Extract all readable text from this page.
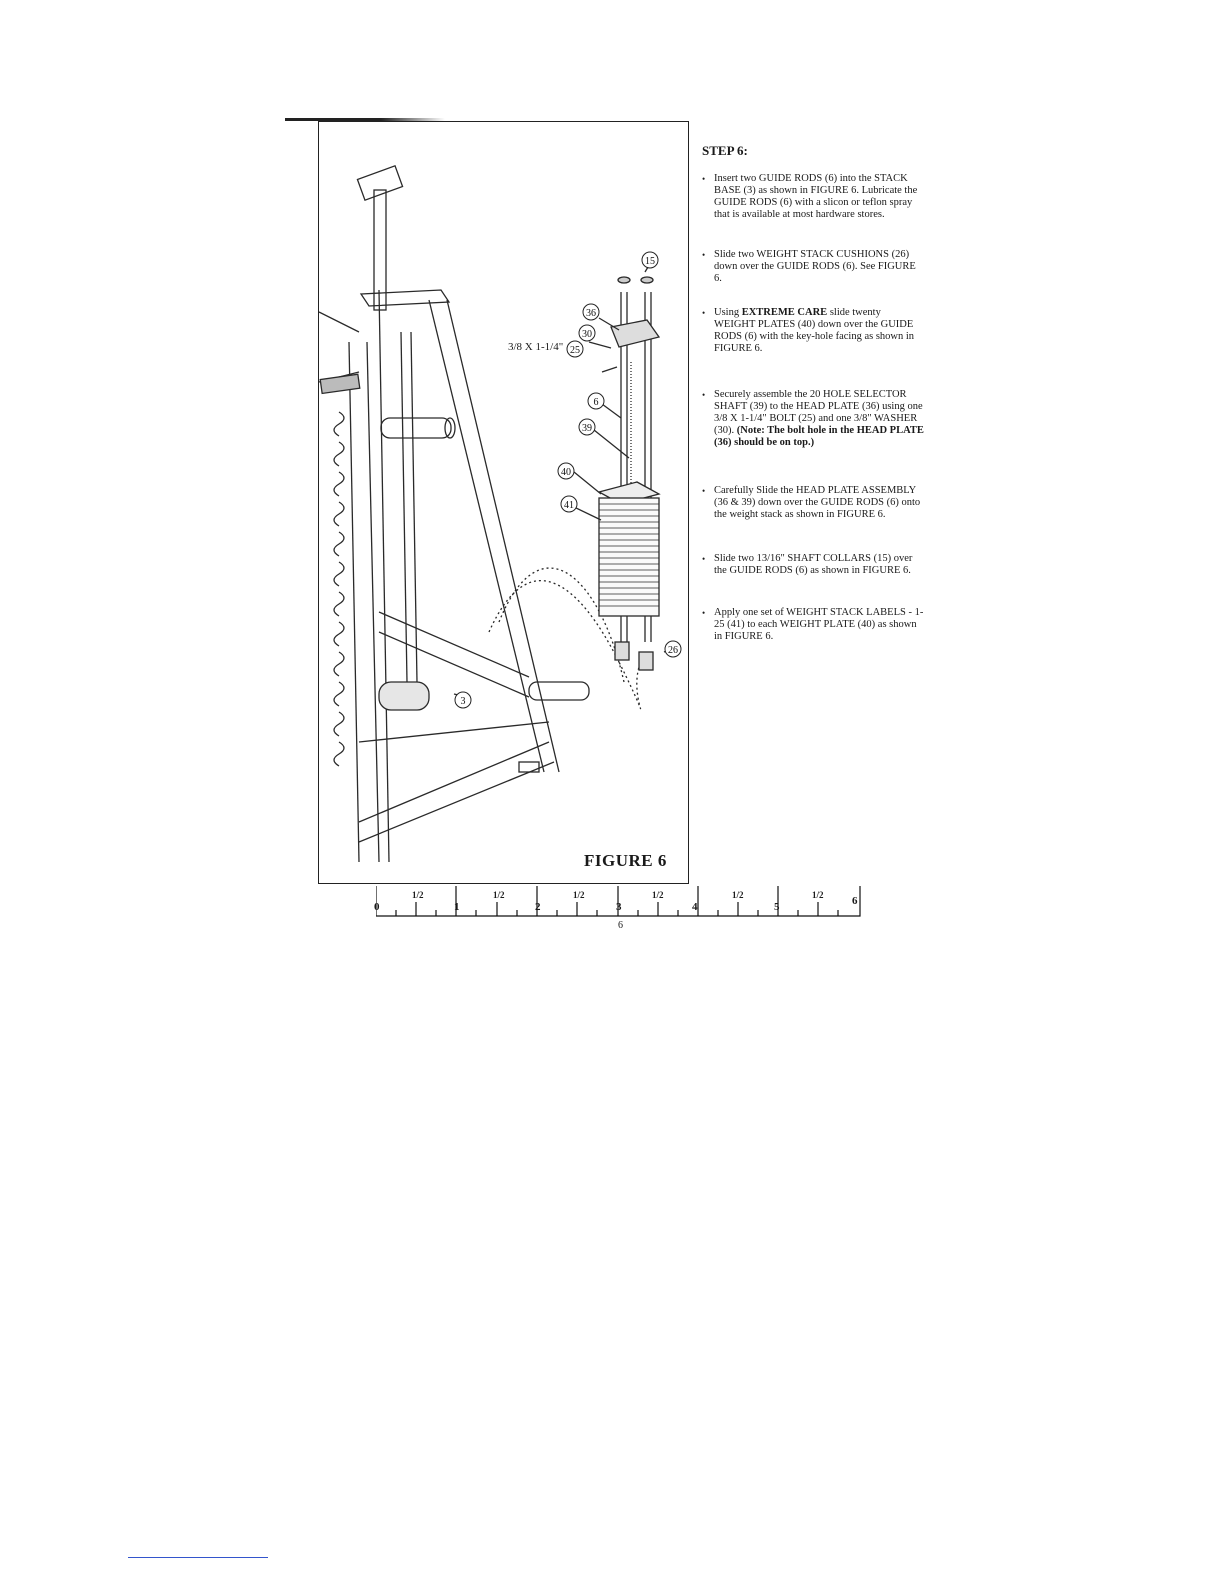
15
36
30
25
6
39
40
41
26
3
3/8 X 1-1/4"
FIGURE 6
STEP 6:

• Insert two GUIDE RODS (6) into the STACK BASE (3) as shown in FIGURE 6. Lubricate the GUIDE RODS (6) with a slicon or teflon spray that is available at most hardware stores.

• Slide two WEIGHT STACK CUSHIONS (26) down over the GUIDE RODS (6). See FIGURE 6.

• Using EXTREME CARE slide twenty WEIGHT PLATES (40) down over the GUIDE RODS (6) with the key-hole facing as shown in FIGURE 6.

• Securely assemble the 20 HOLE SELECTOR SHAFT (39) to the HEAD PLATE (36) using one 3/8 X 1-1/4" BOLT (25) and one 3/8" WASHER (30). (Note: The bolt hole in the HEAD PLATE (36) should be on top.)

• Carefully Slide the HEAD PLATE ASSEMBLY (36 & 39) down over the GUIDE RODS (6) onto the weight stack as shown in FIGURE 6.

• Slide two 13/16" SHAFT COLLARS (15) over the GUIDE RODS (6) as shown in FIGURE 6.

• Apply one set of WEIGHT STACK LABELS - 1-25 (41) to each WEIGHT PLATE (40) as shown in FIGURE 6.

1/2	1/2	1/2	1/2	1/2	1/2
0	1	2	3	4	5	6
6
